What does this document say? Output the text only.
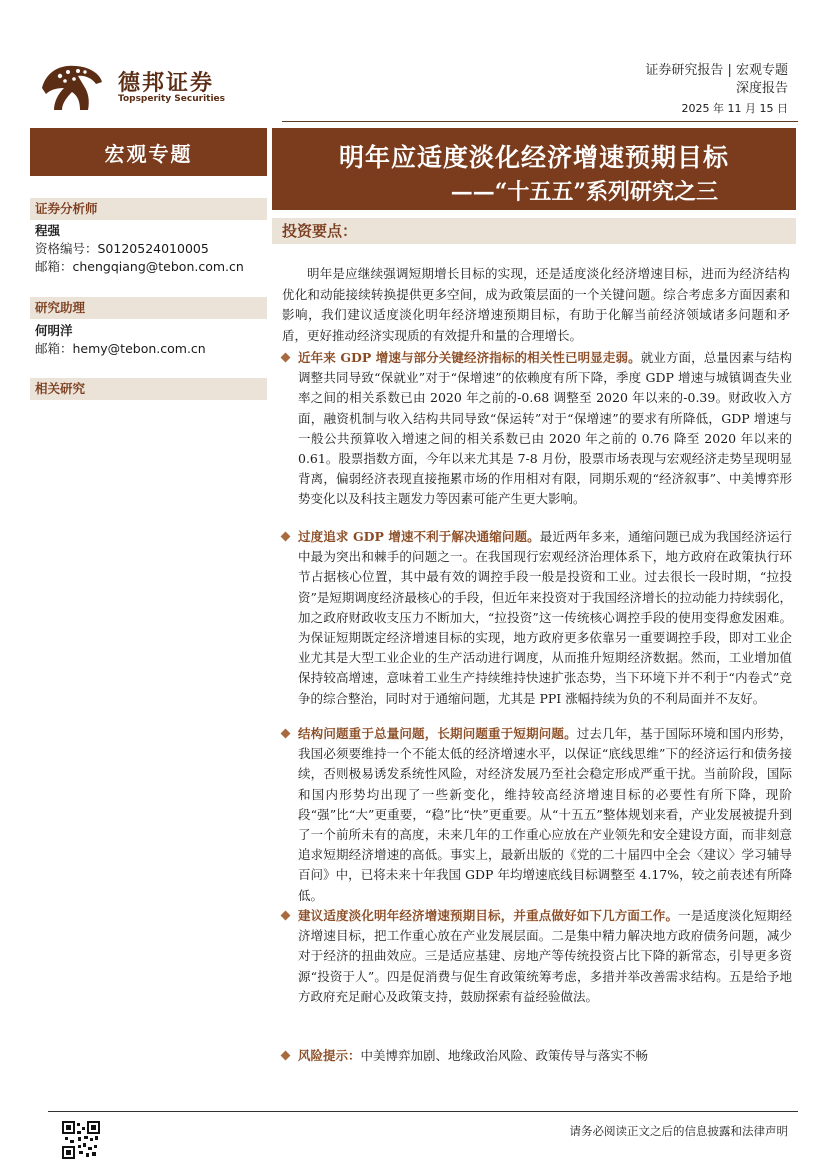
德邦证券
Topsperity Securities
证券研究报告 | 宏观专题
深度报告
2025 年 11 月 15 日
宏观专题	明年应适度淡化经济增速预期目标
——“十五五”系列研究之三
证券分析师
程强
资格编号：S0120524010005
邮箱：chengqiang@tebon.com.cn
研究助理
何明洋
邮箱：hemy@tebon.com.cn
相关研究
投资要点：
明年是应继续强调短期增长目标的实现，还是适度淡化经济增速目标，进而为经济结构优化和动能接续转换提供更多空间，成为政策层面的一个关键问题。综合考虑多方面因素和影响，我们建议适度淡化明年经济增速预期目标，有助于化解当前经济领域诸多问题和矛盾，更好推动经济实现质的有效提升和量的合理增长。
近年来 GDP 增速与部分关键经济指标的相关性已明显走弱。就业方面，总量因素与结构调整共同导致“保就业”对于“保增速”的依赖度有所下降，季度 GDP 增速与城镇调查失业率之间的相关系数已由 2020 年之前的-0.68 调整至 2020 年以来的-0.39。财政收入方面，融资机制与收入结构共同导致“保运转”对于“保增速”的要求有所降低，GDP 增速与一般公共预算收入增速之间的相关系数已由 2020 年之前的 0.76 降至 2020 年以来的 0.61。股票指数方面，今年以来尤其是 7-8 月份，股票市场表现与宏观经济走势呈现明显背离，偏弱经济表现直接拖累市场的作用相对有限，同期乐观的“经济叙事”、中美博弈形势变化以及科技主题发力等因素可能产生更大影响。
过度追求 GDP 增速不利于解决通缩问题。最近两年多来，通缩问题已成为我国经济运行中最为突出和棘手的问题之一。在我国现行宏观经济治理体系下，地方政府在政策执行环节占据核心位置，其中最有效的调控手段一般是投资和工业。过去很长一段时期，“拉投资”是短期调度经济最核心的手段，但近年来投资对于我国经济增长的拉动能力持续弱化，加之政府财政收支压力不断加大，“拉投资”这一传统核心调控手段的使用变得愈发困难。为保证短期既定经济增速目标的实现，地方政府更多依靠另一重要调控手段，即对工业企业尤其是大型工业企业的生产活动进行调度，从而推升短期经济数据。然而，工业增加值保持较高增速，意味着工业生产持续维持快速扩张态势，当下环境下并不利于“内卷式”竞争的综合整治，同时对于通缩问题，尤其是 PPI 涨幅持续为负的不利局面并不友好。
结构问题重于总量问题，长期问题重于短期问题。过去几年，基于国际环境和国内形势，我国必须要维持一个不能太低的经济增速水平，以保证“底线思维”下的经济运行和债务接续，否则极易诱发系统性风险，对经济发展乃至社会稳定形成严重干扰。当前阶段，国际和国内形势均出现了一些新变化，维持较高经济增速目标的必要性有所下降，现阶段“强”比“大”更重要，“稳”比“快”更重要。从“十五五”整体规划来看，产业发展被提升到了一个前所未有的高度，未来几年的工作重心应放在产业领先和安全建设方面，而非刻意追求短期经济增速的高低。事实上，最新出版的《党的二十届四中全会〈建议〉学习辅导百问》中，已将未来十年我国 GDP 年均增速底线目标调整至 4.17%，较之前表述有所降低。
建议适度淡化明年经济增速预期目标，并重点做好如下几方面工作。一是适度淡化短期经济增速目标，把工作重心放在产业发展层面。二是集中精力解决地方政府债务问题，减少对于经济的扭曲效应。三是适应基建、房地产等传统投资占比下降的新常态，引导更多资源“投资于人”。四是促消费与促生育政策统筹考虑，多措并举改善需求结构。五是给予地方政府充足耐心及政策支持，鼓励探索有益经验做法。
风险提示：中美博弈加剧、地缘政治风险、政策传导与落实不畅
请务必阅读正文之后的信息披露和法律声明
